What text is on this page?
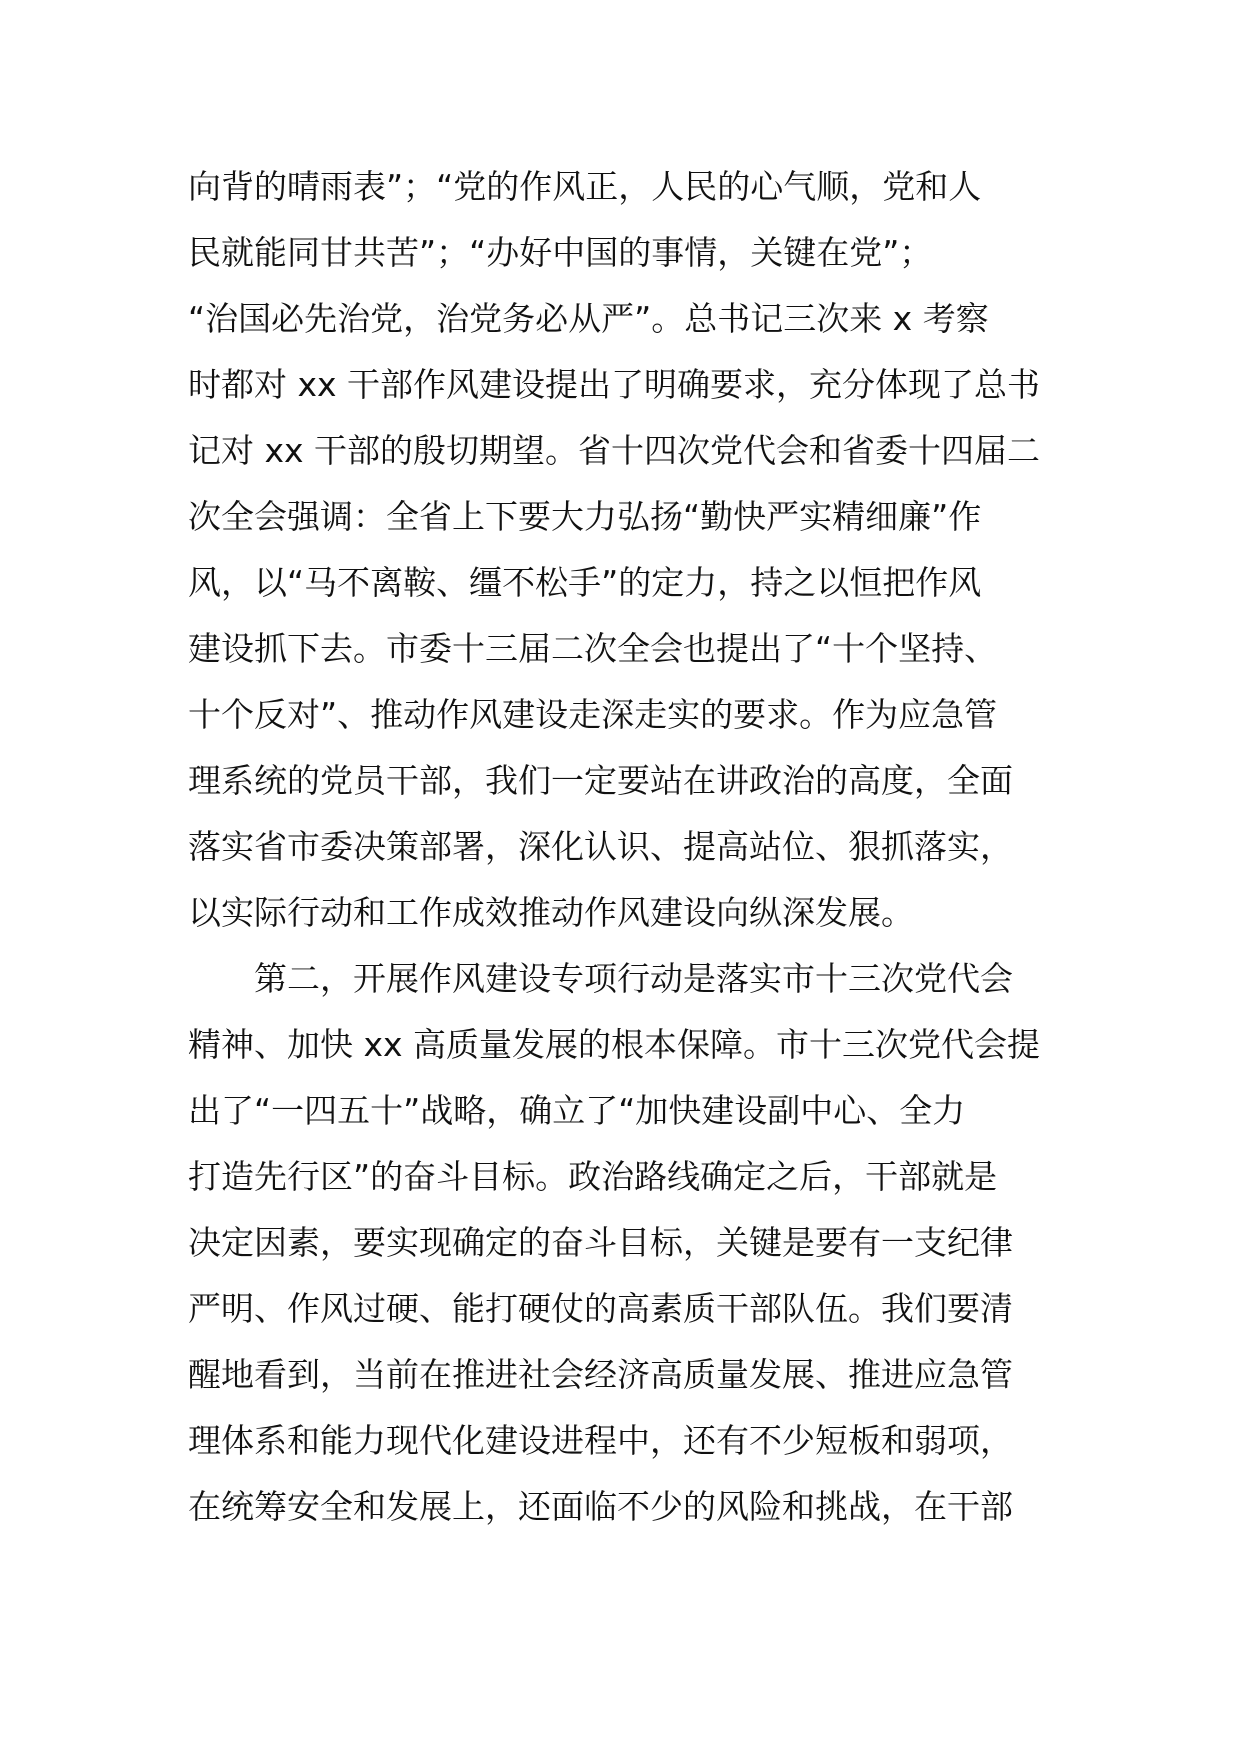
向背的晴雨表”；“党的作风正，人民的心气顺，党和人
民就能同甘共苦”；“办好中国的事情，关键在党”；
“治国必先治党，治党务必从严”。总书记三次来 x 考察
时都对 xx 干部作风建设提出了明确要求，充分体现了总书
记对 xx 干部的殷切期望。省十四次党代会和省委十四届二
次全会强调：全省上下要大力弘扬“勤快严实精细廉”作
风，以“马不离鞍、缰不松手”的定力，持之以恒把作风
建设抓下去。市委十三届二次全会也提出了“十个坚持、
十个反对”、推动作风建设走深走实的要求。作为应急管
理系统的党员干部，我们一定要站在讲政治的高度，全面
落实省市委决策部署，深化认识、提高站位、狠抓落实，
以实际行动和工作成效推动作风建设向纵深发展。
第二，开展作风建设专项行动是落实市十三次党代会
精神、加快 xx 高质量发展的根本保障。市十三次党代会提
出了“一四五十”战略，确立了“加快建设副中心、全力
打造先行区”的奋斗目标。政治路线确定之后，干部就是
决定因素，要实现确定的奋斗目标，关键是要有一支纪律
严明、作风过硬、能打硬仗的高素质干部队伍。我们要清
醒地看到，当前在推进社会经济高质量发展、推进应急管
理体系和能力现代化建设进程中，还有不少短板和弱项，
在统筹安全和发展上，还面临不少的风险和挑战，在干部
